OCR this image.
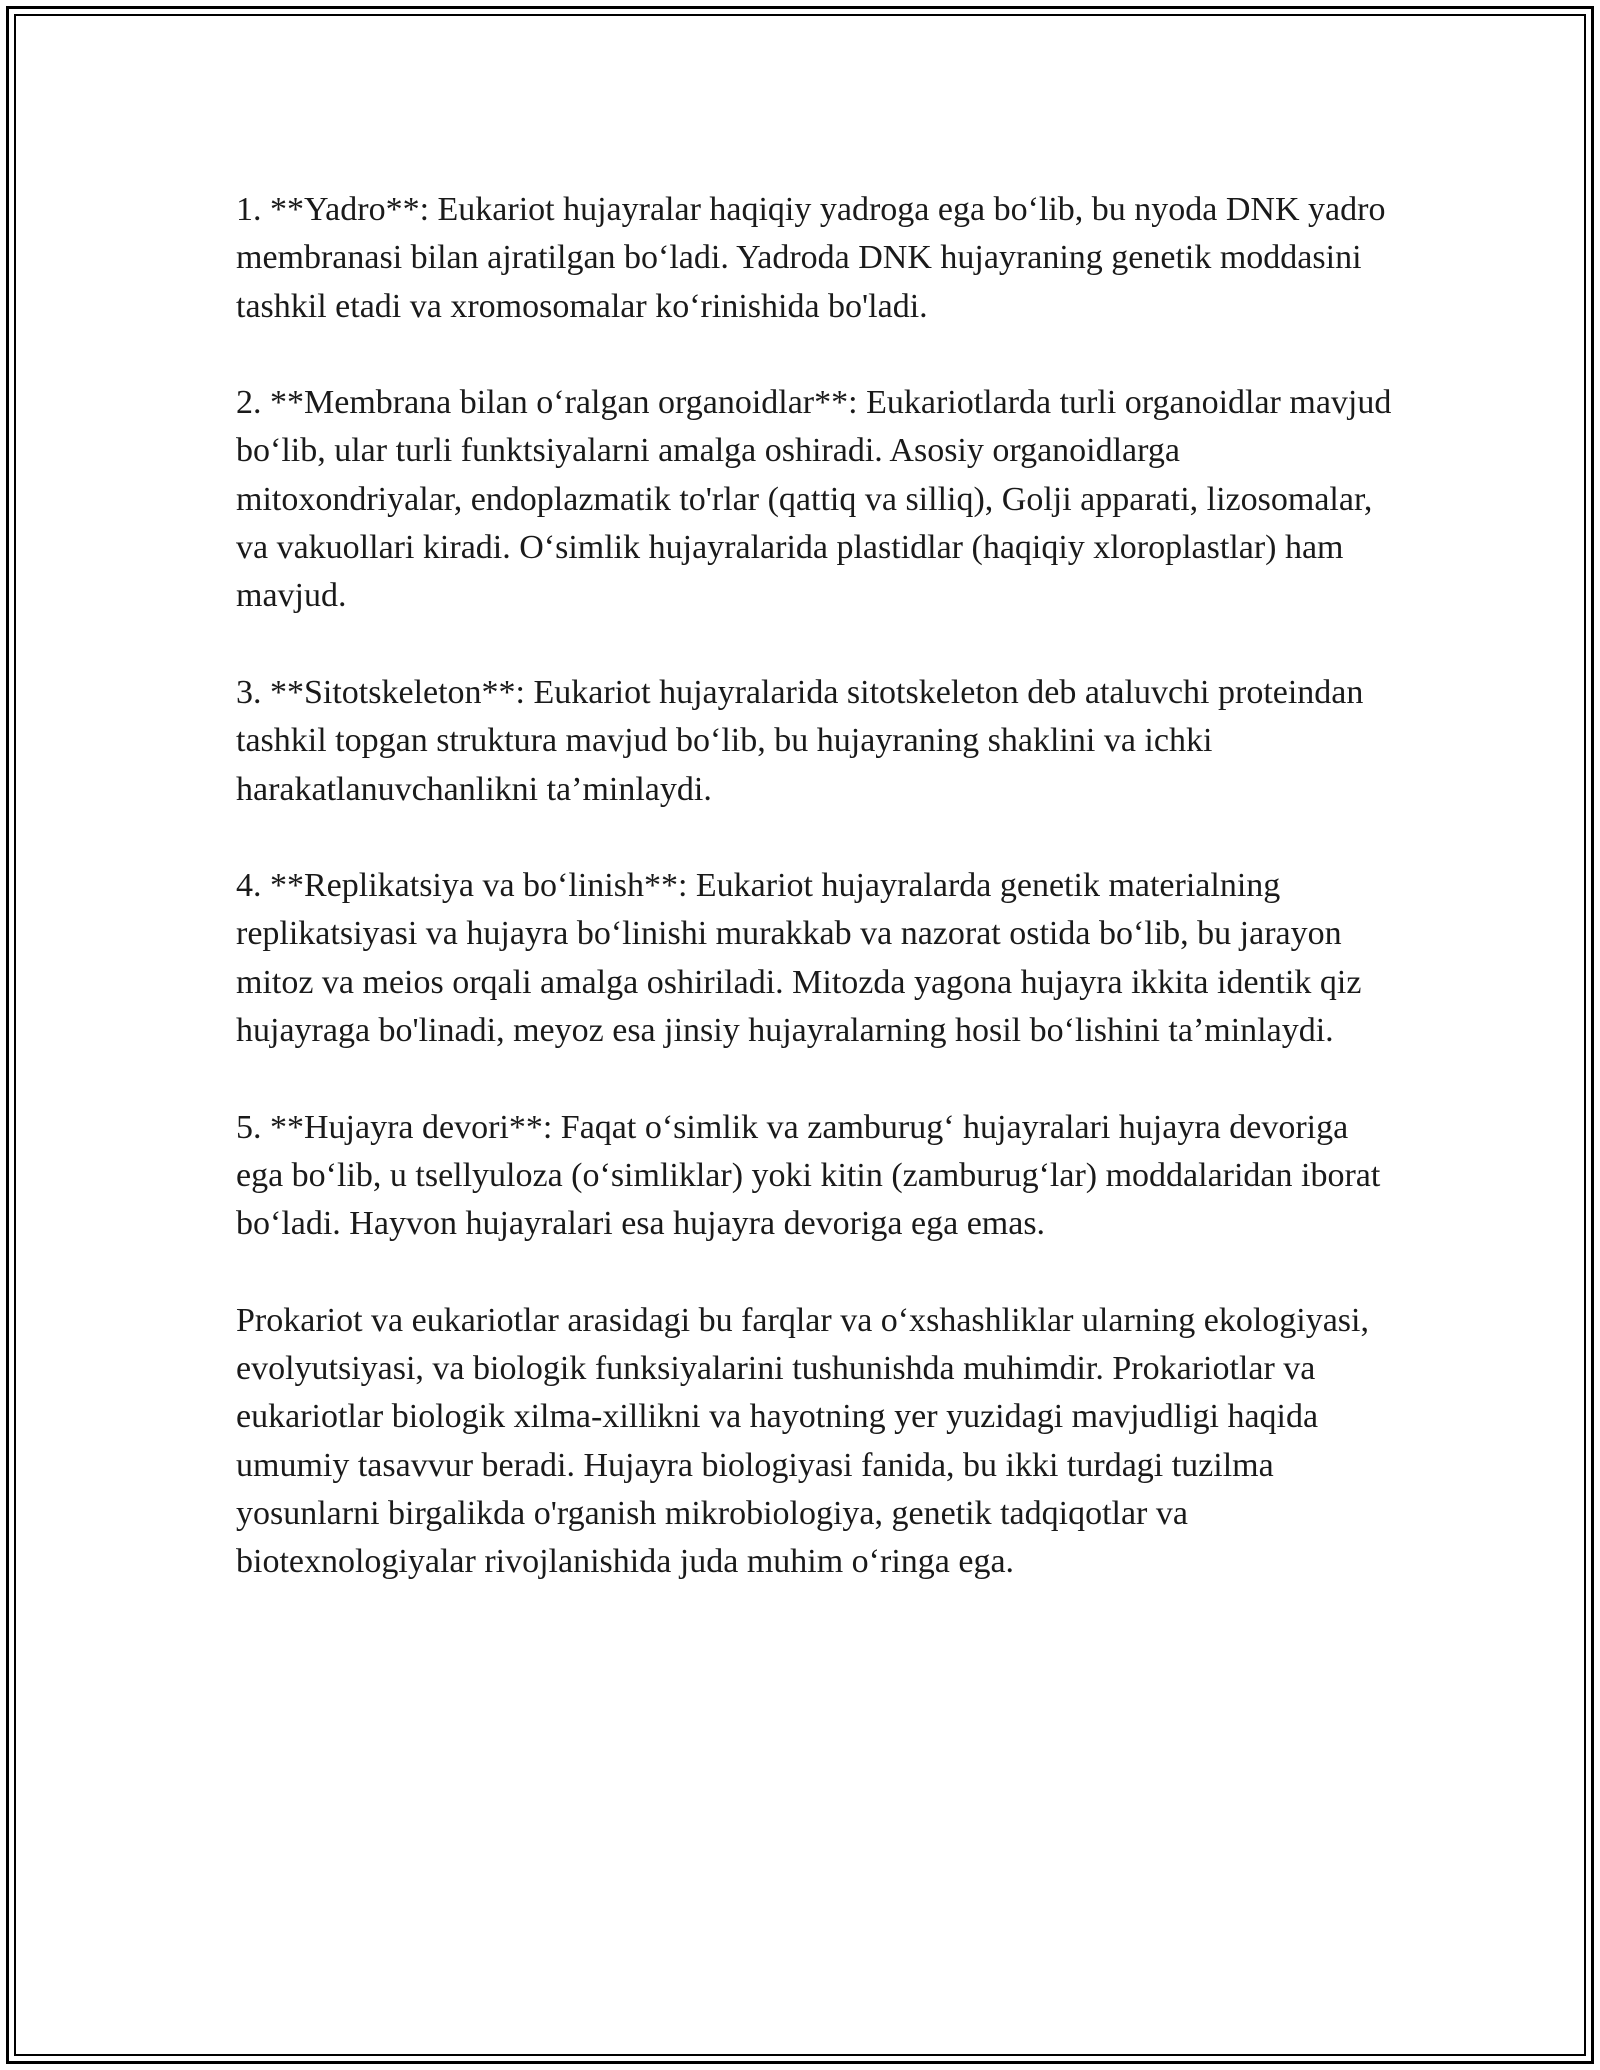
1. **Yadro**: Eukariot hujayralar haqiqiy yadroga ega bo‘lib, bu nyoda DNK yadro membranasi bilan ajratilgan bo‘ladi. Yadroda DNK hujayraning genetik moddasini tashkil etadi va xromosomalar ko‘rinishida bo'ladi.

2. **Membrana bilan o‘ralgan organoidlar**: Eukariotlarda turli organoidlar mavjud bo‘lib, ular turli funktsiyalarni amalga oshiradi. Asosiy organoidlarga mitoxondriyalar, endoplazmatik to'rlar (qattiq va silliq), Golji apparati, lizosomalar, va vakuollari kiradi. O‘simlik hujayralarida plastidlar (haqiqiy xloroplastlar) ham mavjud.

3. **Sitotskeleton**: Eukariot hujayralarida sitotskeleton deb ataluvchi proteindan tashkil topgan struktura mavjud bo‘lib, bu hujayraning shaklini va ichki harakatlanuvchanlikni ta’minlaydi.

4. **Replikatsiya va bo‘linish**: Eukariot hujayralarda genetik materialning replikatsiyasi va hujayra bo‘linishi murakkab va nazorat ostida bo‘lib, bu jarayon mitoz va meios orqali amalga oshiriladi. Mitozda yagona hujayra ikkita identik qiz hujayraga bo'linadi, meyoz esa jinsiy hujayralarning hosil bo‘lishini ta’minlaydi.

5. **Hujayra devori**: Faqat o‘simlik va zamburug‘ hujayralari hujayra devoriga ega bo‘lib, u tsellyuloza (o‘simliklar) yoki kitin (zamburug‘lar) moddalaridan iborat bo‘ladi. Hayvon hujayralari esa hujayra devoriga ega emas.

Prokariot va eukariotlar arasidagi bu farqlar va o‘xshashliklar ularning ekologiyasi, evolyutsiyasi, va biologik funksiyalarini tushunishda muhimdir. Prokariotlar va eukariotlar biologik xilma-xillikni va hayotning yer yuzidagi mavjudligi haqida umumiy tasavvur beradi. Hujayra biologiyasi fanida, bu ikki turdagi tuzilma yosunlarni birgalikda o'rganish mikrobiologiya, genetik tadqiqotlar va biotexnologiyalar rivojlanishida juda muhim o‘ringa ega.
